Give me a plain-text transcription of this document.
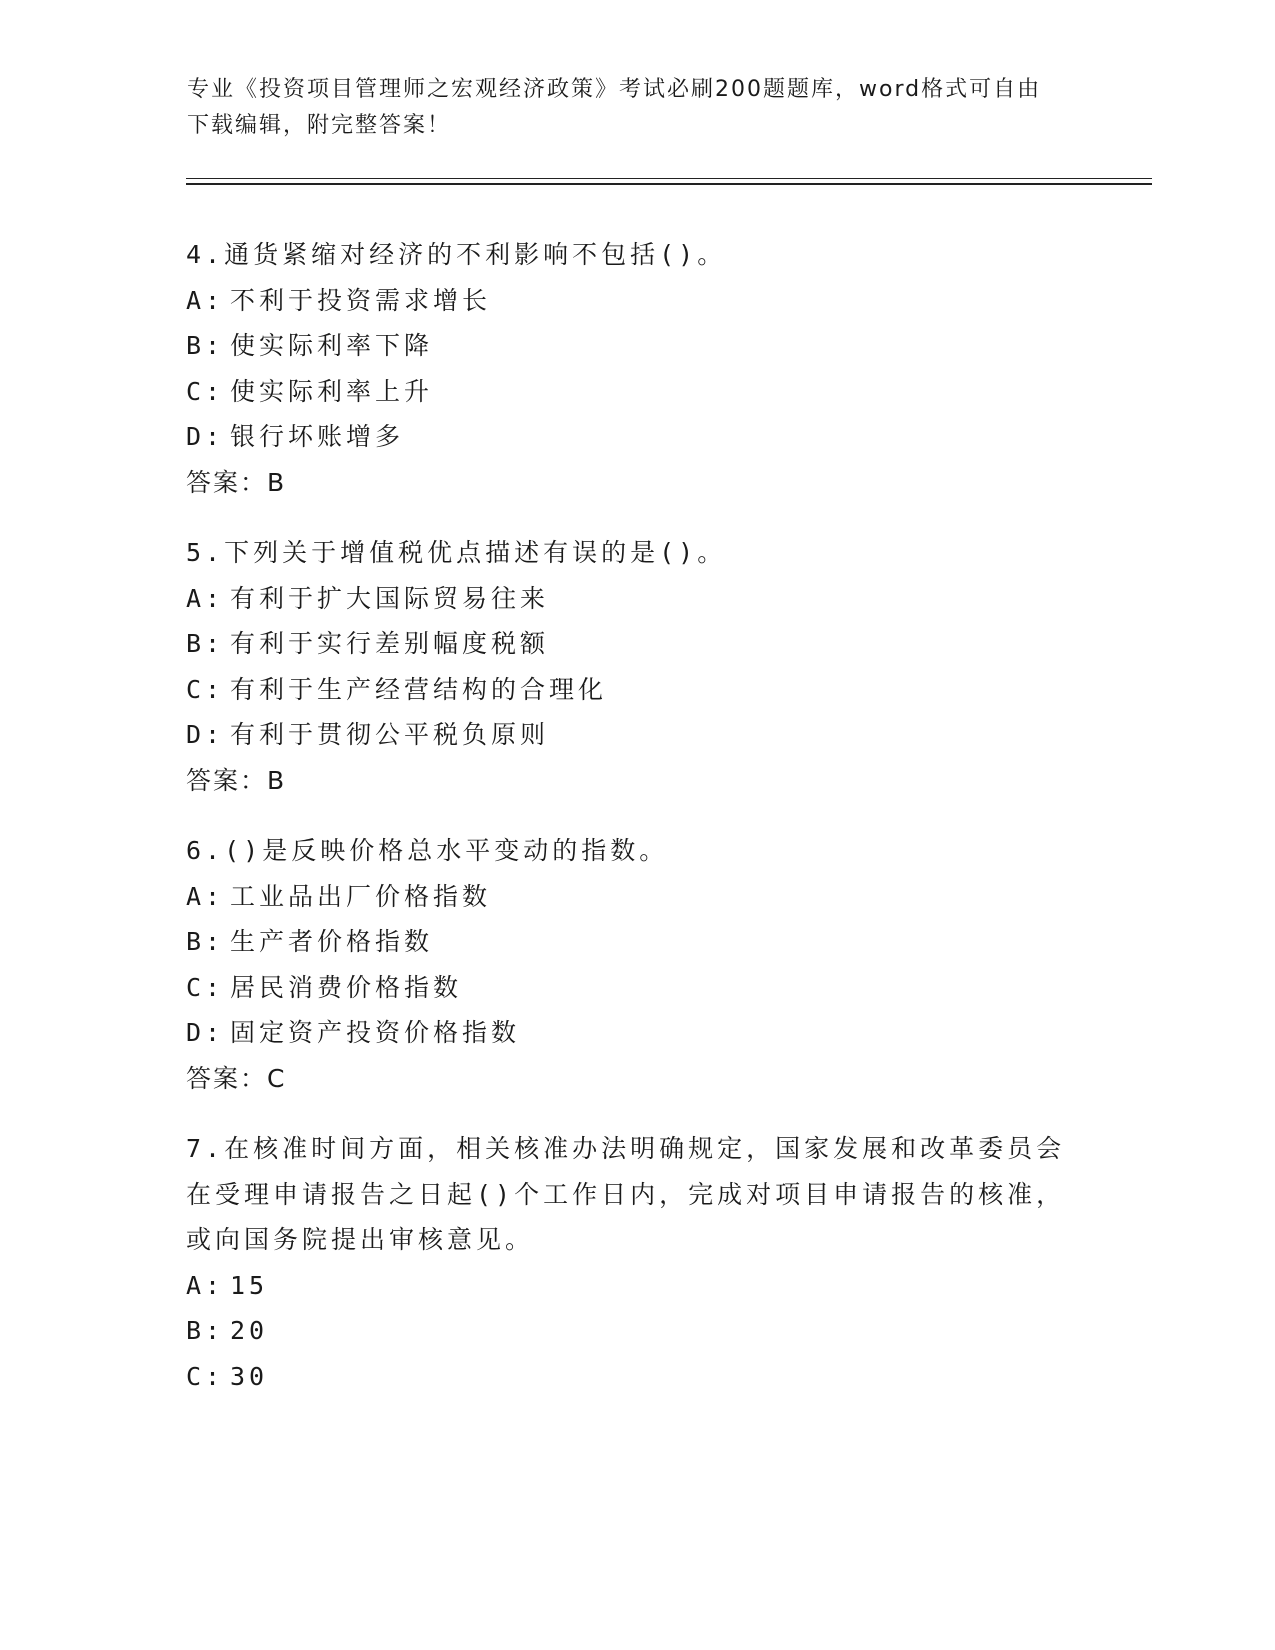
专业《投资项目管理师之宏观经济政策》考试必刷200题题库，word格式可自由
下载编辑，附完整答案！
4.通货紧缩对经济的不利影响不包括()。
A: 不利于投资需求增长
B: 使实际利率下降
C: 使实际利率上升
D: 银行坏账增多
答案：B
5.下列关于增值税优点描述有误的是()。
A: 有利于扩大国际贸易往来
B: 有利于实行差别幅度税额
C: 有利于生产经营结构的合理化
D: 有利于贯彻公平税负原则
答案：B
6.()是反映价格总水平变动的指数。
A: 工业品出厂价格指数
B: 生产者价格指数
C: 居民消费价格指数
D: 固定资产投资价格指数
答案：C
7.在核准时间方面，相关核准办法明确规定，国家发展和改革委员会
在受理申请报告之日起()个工作日内，完成对项目申请报告的核准，
或向国务院提出审核意见。
A: 15
B: 20
C: 30
